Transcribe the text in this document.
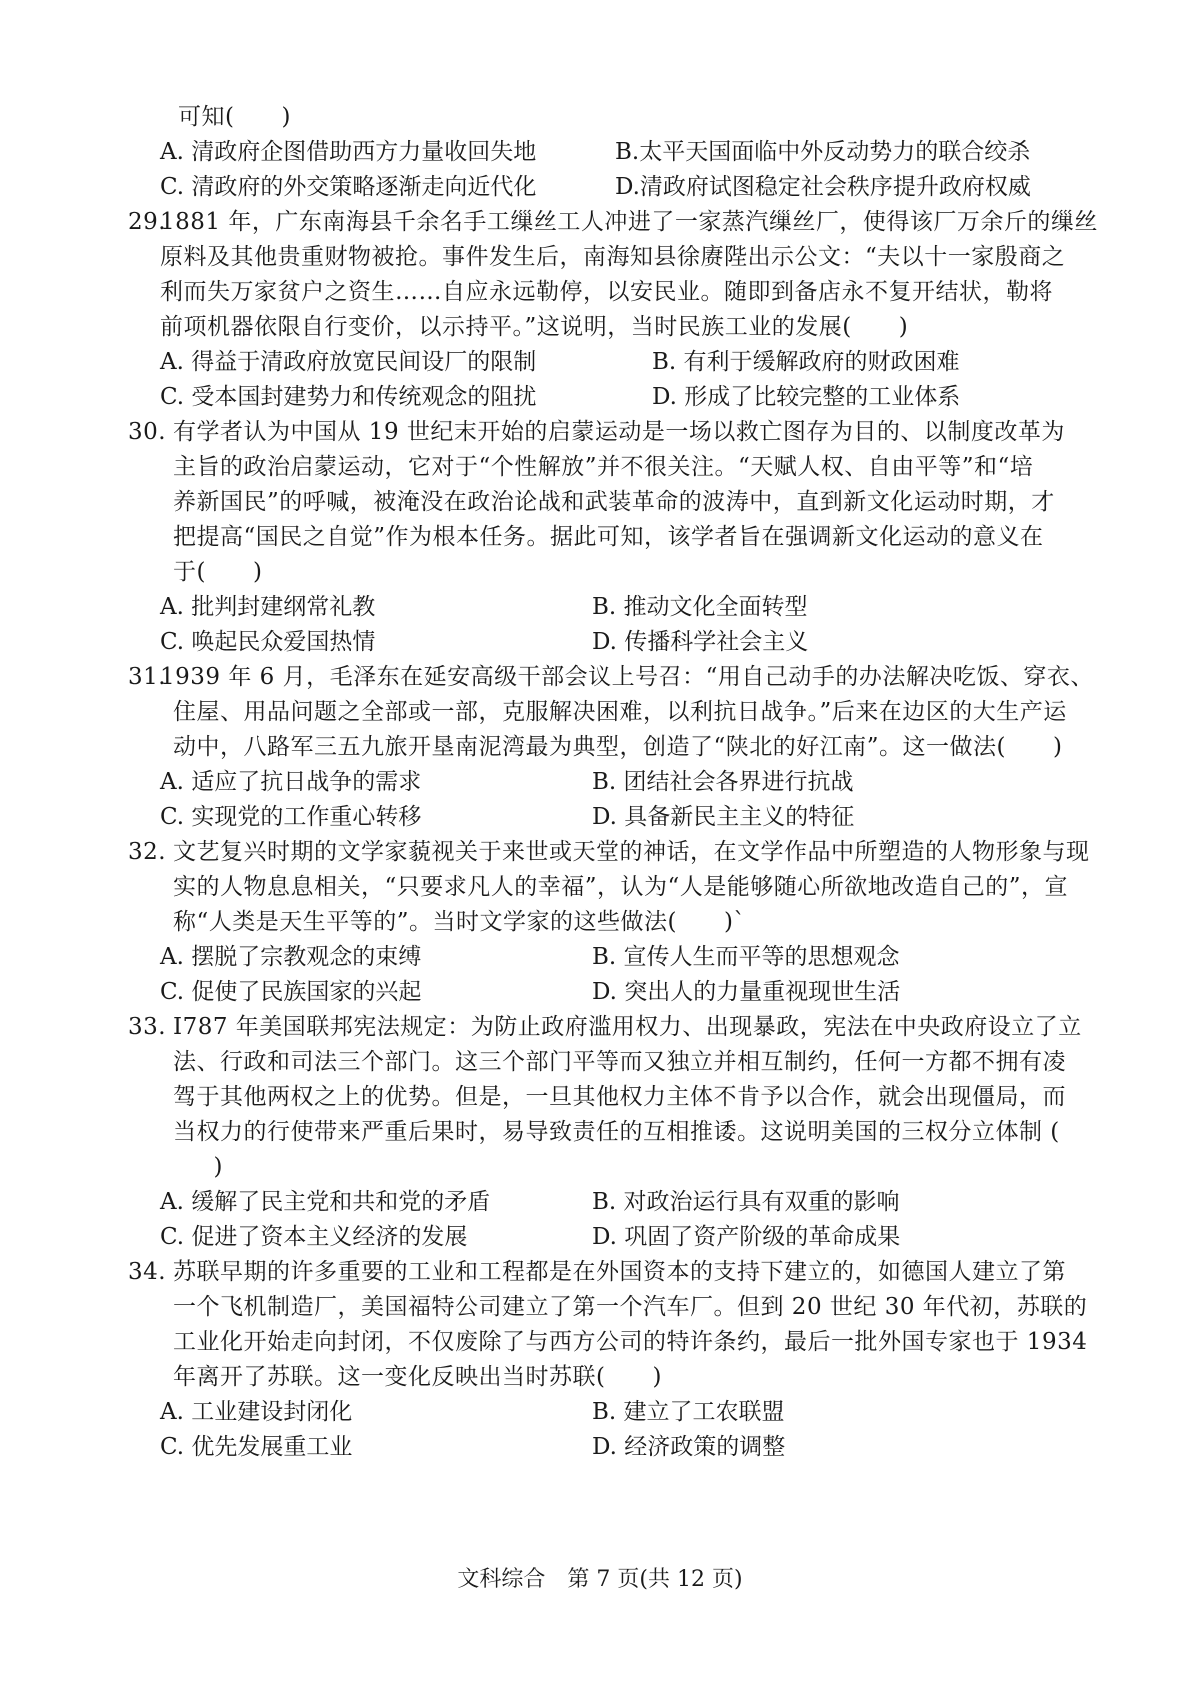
可知(　　)
A. 清政府企图借助西方力量收回失地	B.太平天国面临中外反动势力的联合绞杀
C. 清政府的外交策略逐渐走向近代化	D.清政府试图稳定社会秩序提升政府权威
29.
1881 年，广东南海县千余名手工缫丝工人冲进了一家蒸汽缫丝厂，使得该厂万余斤的缫丝
原料及其他贵重财物被抢。事件发生后，南海知县徐赓陛出示公文：“夫以十一家殷商之
利而失万家贫户之资生……自应永远勒停，以安民业。随即到备店永不复开结状，勒将
前项机器依限自行变价，以示持平。”这说明，当时民族工业的发展(　　)
A. 得益于清政府放宽民间设厂的限制	B. 有利于缓解政府的财政困难
C. 受本国封建势力和传统观念的阻扰	D. 形成了比较完整的工业体系
30. 有学者认为中国从 19 世纪末开始的启蒙运动是一场以救亡图存为目的、以制度改革为
主旨的政治启蒙运动，它对于“个性解放”并不很关注。“天赋人权、自由平等”和“培
养新国民”的呼喊，被淹没在政治论战和武装革命的波涛中，直到新文化运动时期，才
把提高“国民之自觉”作为根本任务。据此可知，该学者旨在强调新文化运动的意义在
于(　　)
A. 批判封建纲常礼教	B. 推动文化全面转型
C. 唤起民众爱国热情	D. 传播科学社会主义
31.
1939 年 6 月，毛泽东在延安高级干部会议上号召：“用自己动手的办法解决吃饭、穿衣、
住屋、用品问题之全部或一部，克服解决困难，以利抗日战争。”后来在边区的大生产运
动中，八路军三五九旅开垦南泥湾最为典型，创造了“陕北的好江南”。这一做法(　　)
A. 适应了抗日战争的需求	B. 团结社会各界进行抗战
C. 实现党的工作重心转移	D. 具备新民主主义的特征
32. 文艺复兴时期的文学家藐视关于来世或天堂的神话，在文学作品中所塑造的人物形象与现
实的人物息息相关，“只要求凡人的幸福”，认为“人是能够随心所欲地改造自己的”，宣
称“人类是天生平等的”。当时文学家的这些做法(　　)`
A. 摆脱了宗教观念的束缚	B. 宣传人生而平等的思想观念
C. 促使了民族国家的兴起	D. 突出人的力量重视现世生活
33. I787 年美国联邦宪法规定：为防止政府滥用权力、出现暴政，宪法在中央政府设立了立
法、行政和司法三个部门。这三个部门平等而又独立并相互制约，任何一方都不拥有凌
驾于其他两权之上的优势。但是，一旦其他权力主体不肯予以合作，就会出现僵局，而
当权力的行使带来严重后果时，易导致责任的互相推诿。这说明美国的三权分立体制 (
　)
A. 缓解了民主党和共和党的矛盾	B. 对政治运行具有双重的影响
C. 促进了资本主义经济的发展	D. 巩固了资产阶级的革命成果
34. 苏联早期的许多重要的工业和工程都是在外国资本的支持下建立的，如德国人建立了第
一个飞机制造厂，美国福特公司建立了第一个汽车厂。但到 20 世纪 30 年代初，苏联的
工业化开始走向封闭，不仅废除了与西方公司的特许条约，最后一批外国专家也于 1934
年离开了苏联。这一变化反映出当时苏联(　　)
A. 工业建设封闭化	B. 建立了工农联盟
C. 优先发展重工业	D. 经济政策的调整
文科综合　第 7 页(共 12 页)
